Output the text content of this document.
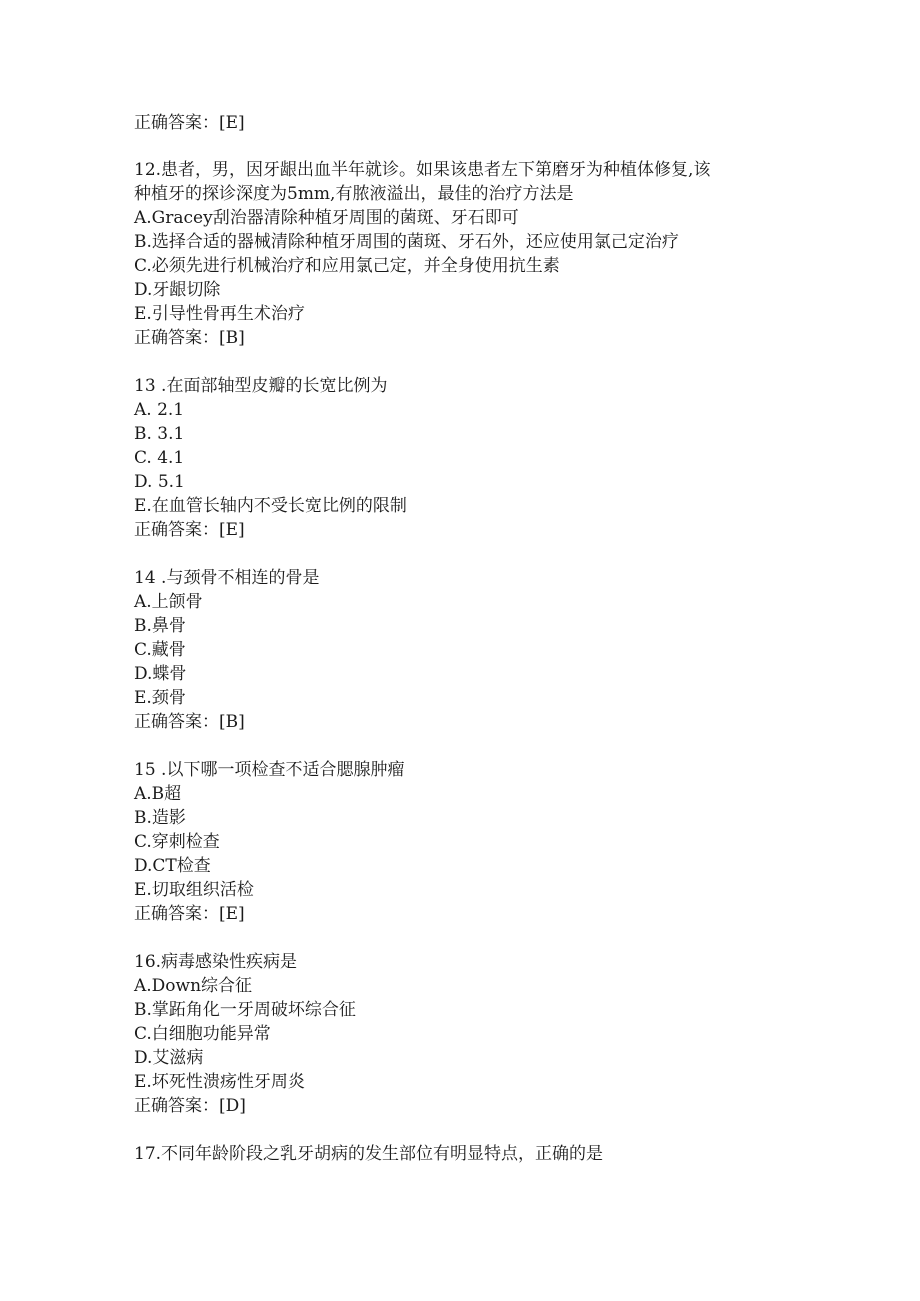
正确答案：[E]
12.患者，男，因牙龈出血半年就诊。如果该患者左下第磨牙为种植体修复,该
种植牙的探诊深度为5mm,有脓液溢出，最佳的治疗方法是
A.Gracey刮治器清除种植牙周围的菌斑、牙石即可
B.选择合适的器械清除种植牙周围的菌斑、牙石外，还应使用氯己定治疗
C.必须先进行机械治疗和应用氯己定，并全身使用抗生素
D.牙龈切除
E.引导性骨再生术治疗
正确答案：[B]
13 .在面部轴型皮瓣的长宽比例为
A. 2.1
B. 3.1
C. 4.1
D. 5.1
E.在血管长轴内不受长宽比例的限制
正确答案：[E]
14 .与颈骨不相连的骨是
A.上颌骨
B.鼻骨
C.藏骨
D.蝶骨
E.颈骨
正确答案：[B]
15 .以下哪一项检查不适合腮腺肿瘤
A.B超
B.造影
C.穿刺检查
D.CT检查
E.切取组织活检
正确答案：[E]
16.病毒感染性疾病是
A.Down综合征
B.掌跖角化一牙周破坏综合征
C.白细胞功能异常
D.艾滋病
E.坏死性溃疡性牙周炎
正确答案：[D]
17.不同年龄阶段之乳牙胡病的发生部位有明显特点，正确的是
